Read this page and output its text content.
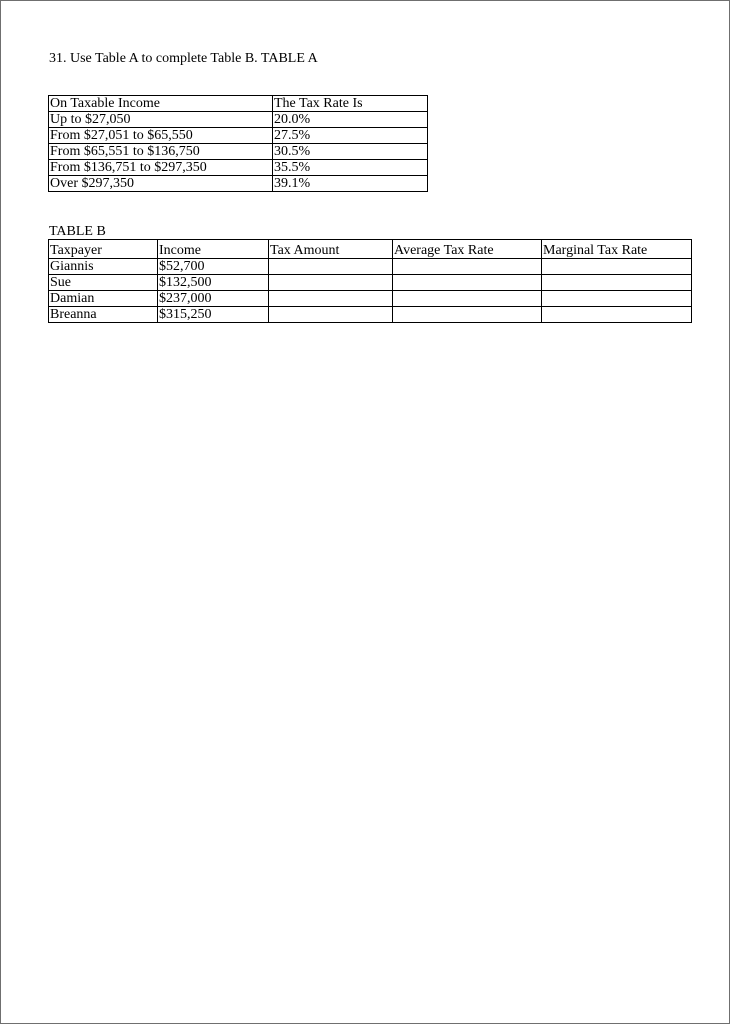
31. Use Table A to complete Table B. TABLE A
On Taxable Income	The Tax Rate Is
Up to $27,050	20.0%
From $27,051 to $65,550	27.5%
From $65,551 to $136,750	30.5%
From $136,751 to $297,350	35.5%
Over $297,350	39.1%
TABLE B
Taxpayer	Income	Tax Amount	Average Tax Rate	Marginal Tax Rate
Giannis	$52,700			
Sue	$132,500			
Damian	$237,000			
Breanna	$315,250			
